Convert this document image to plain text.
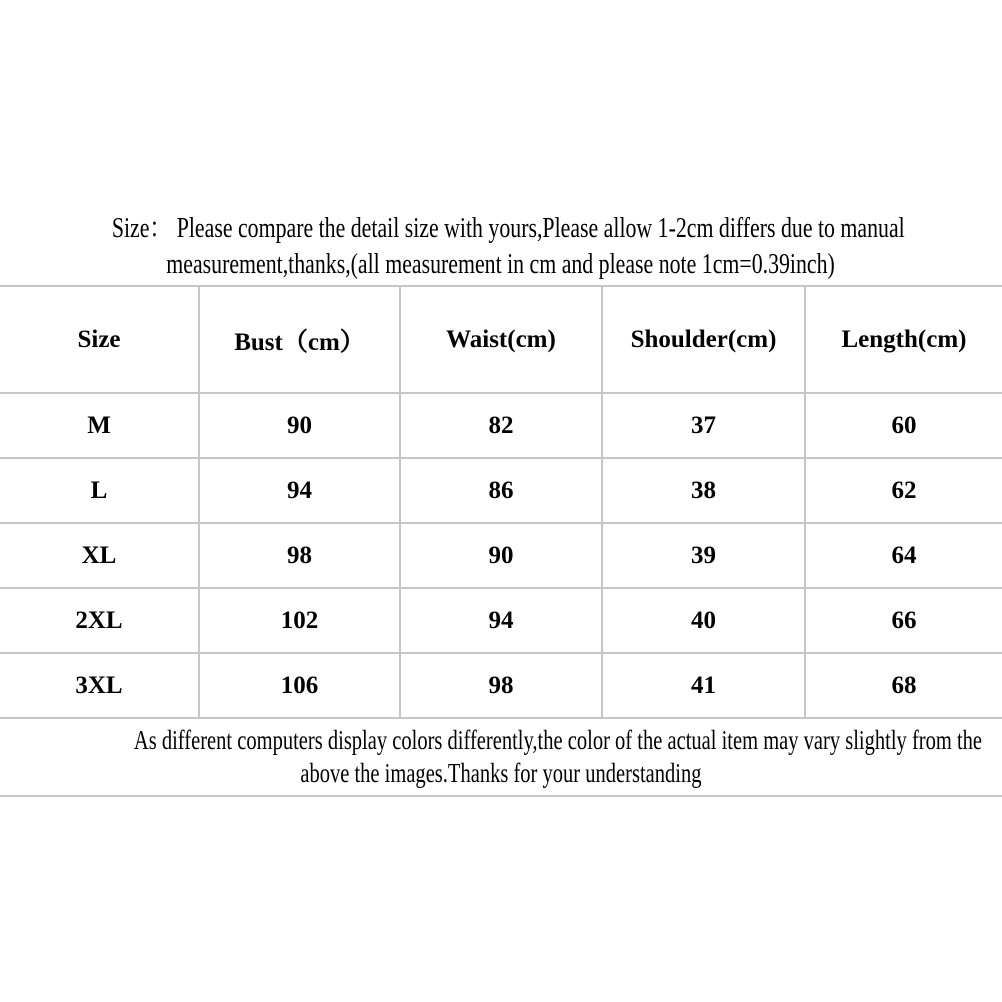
Size： Please compare the detail size with yours,Please allow 1-2cm differs due to manual
measurement,thanks,(all measurement in cm and please note 1cm=0.39inch)
Size	Bust（cm）	Waist(cm)	Shoulder(cm)	Length(cm)
M	90	82	37	60
L	94	86	38	62
XL	98	90	39	64
2XL	102	94	40	66
3XL	106	98	41	68

As different computers display colors differently,the color of the actual item may vary slightly from the
above the images.Thanks for your understanding				
